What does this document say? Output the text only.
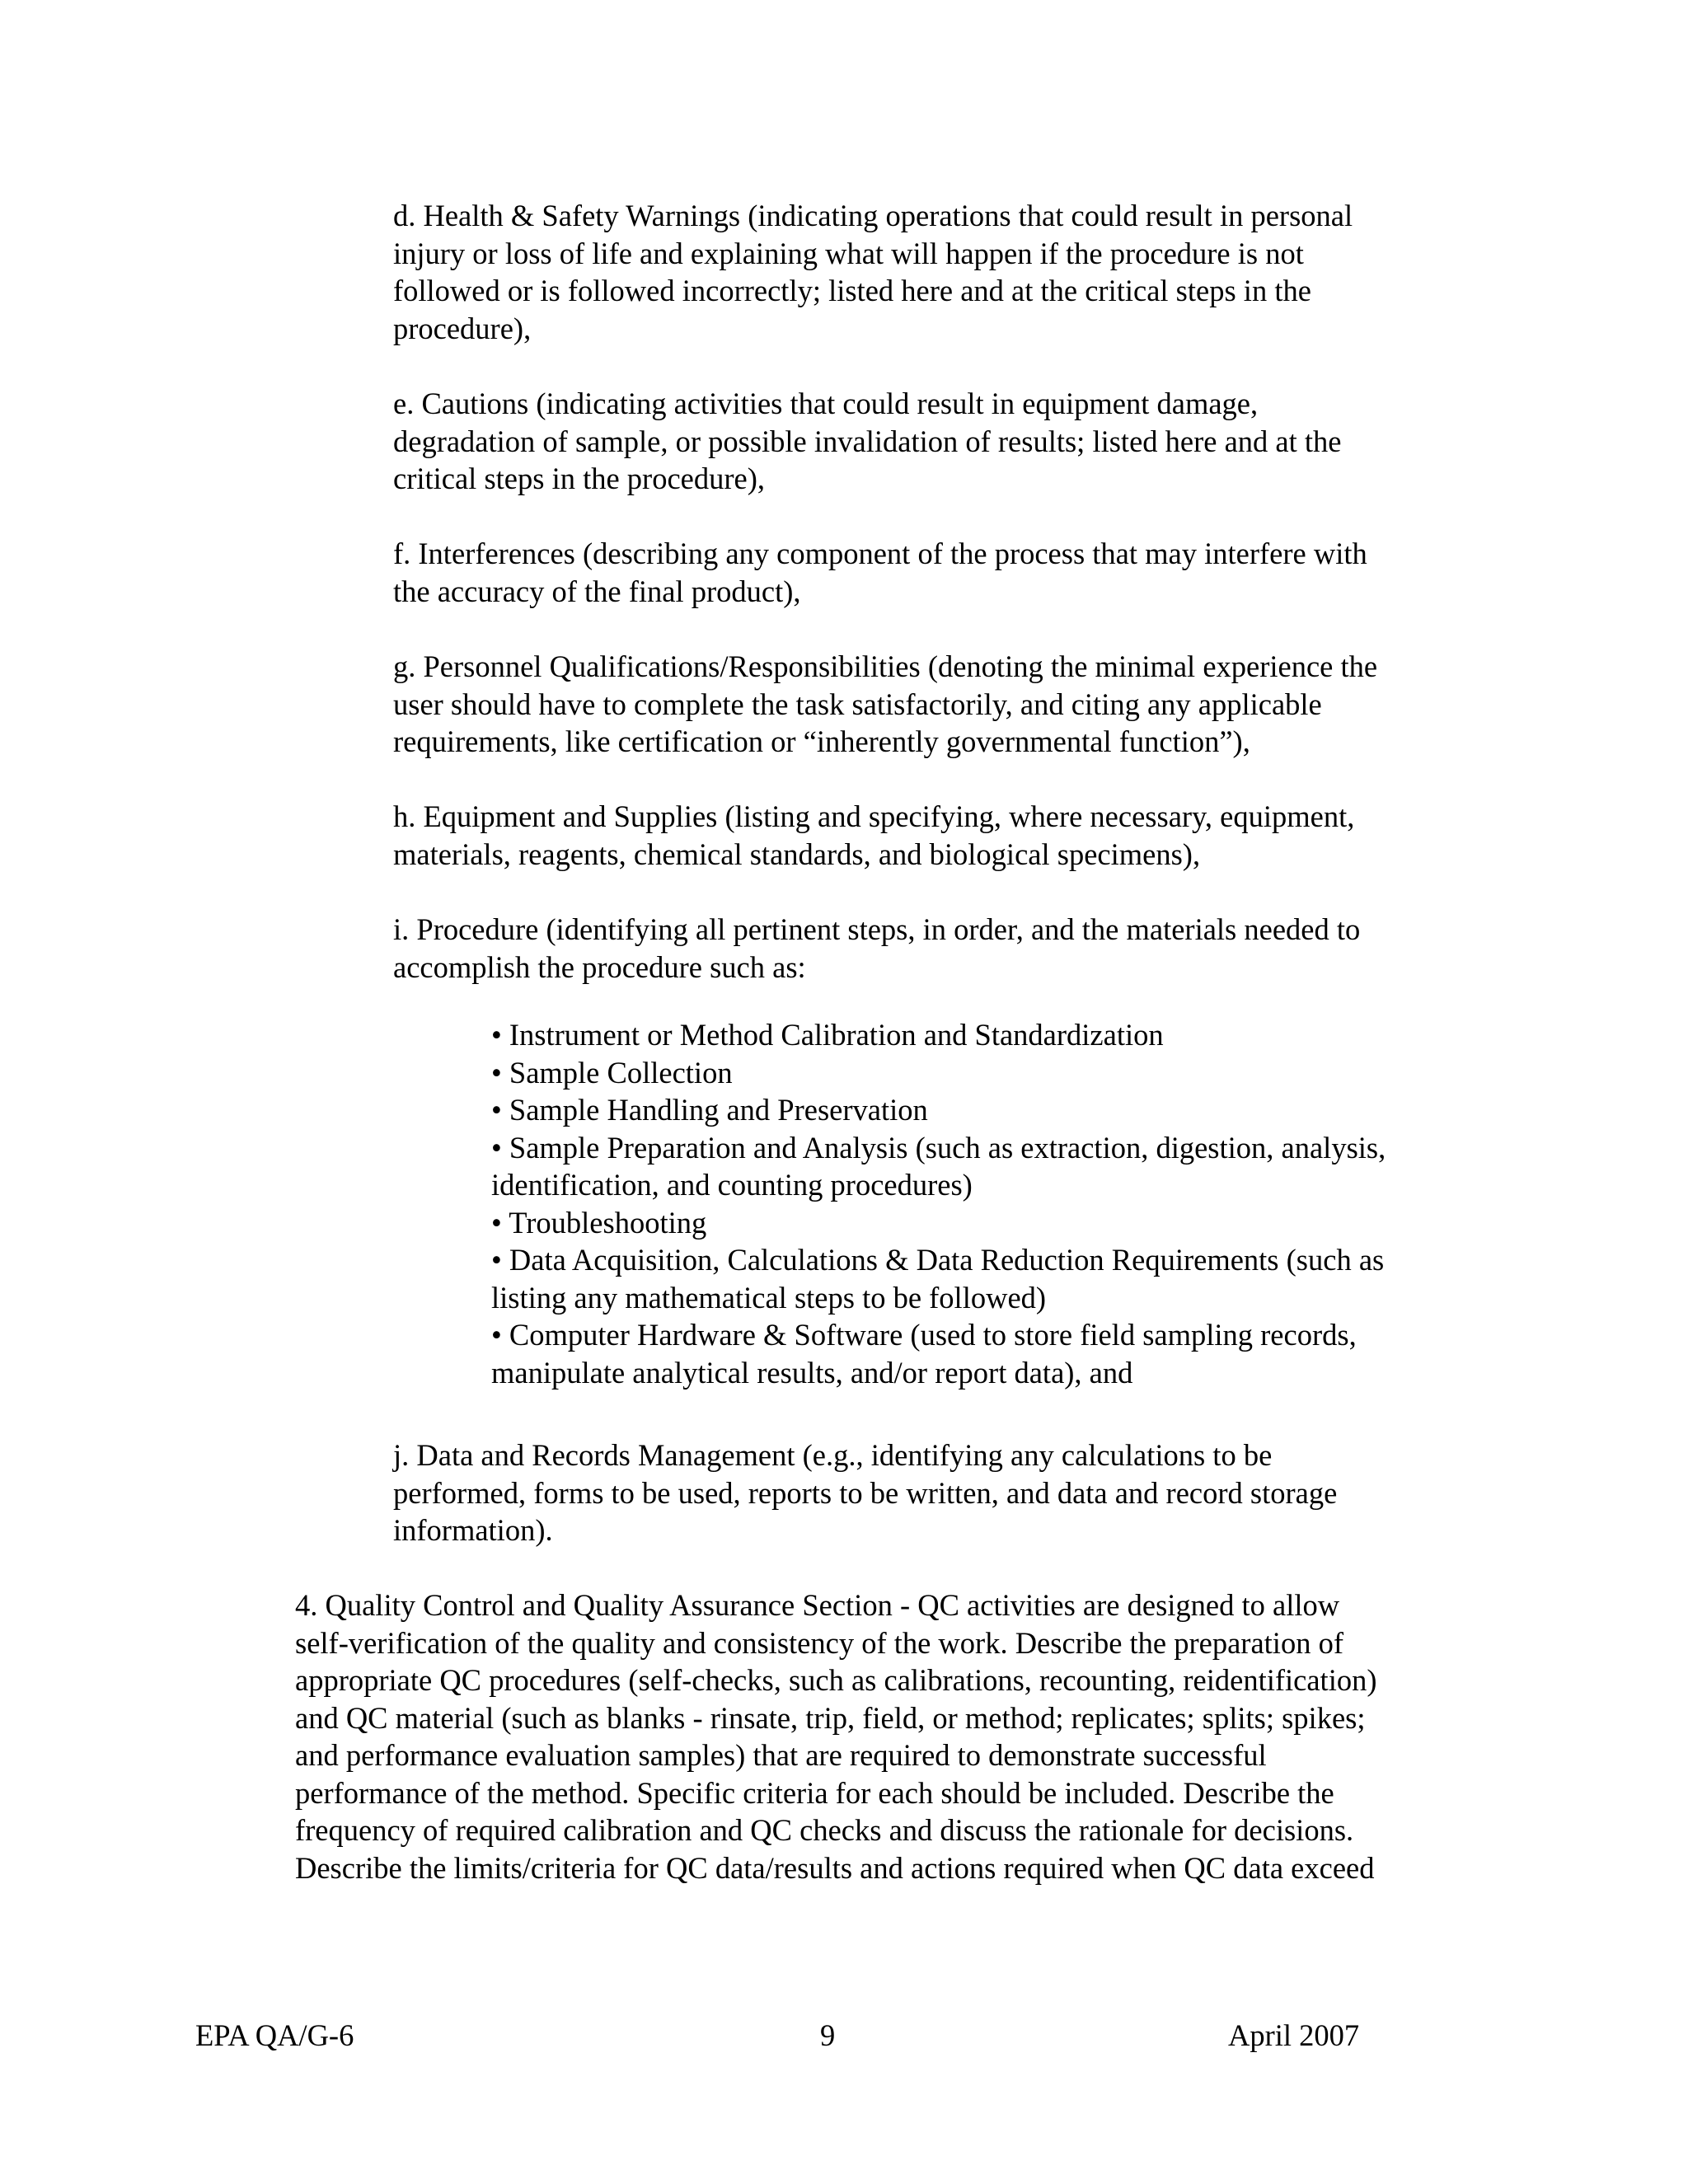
d. Health & Safety Warnings (indicating operations that could result in personal
injury or loss of life and explaining what will happen if the procedure is not
followed or is followed incorrectly; listed here and at the critical steps in the
procedure),

e. Cautions (indicating activities that could result in equipment damage,
degradation of sample, or possible invalidation of results; listed here and at the
critical steps in the procedure),

f. Interferences (describing any component of the process that may interfere with
the accuracy of the final product),

g. Personnel Qualifications/Responsibilities (denoting the minimal experience the
user should have to complete the task satisfactorily, and citing any applicable
requirements, like certification or “inherently governmental function”),

h. Equipment and Supplies (listing and specifying, where necessary, equipment,
materials, reagents, chemical standards, and biological specimens),

i. Procedure (identifying all pertinent steps, in order, and the materials needed to
accomplish the procedure such as:

• Instrument or Method Calibration and Standardization
• Sample Collection
• Sample Handling and Preservation
• Sample Preparation and Analysis (such as extraction, digestion, analysis,
identification, and counting procedures)
• Troubleshooting
• Data Acquisition, Calculations & Data Reduction Requirements (such as
listing any mathematical steps to be followed)
• Computer Hardware & Software (used to store field sampling records,
manipulate analytical results, and/or report data), and

j. Data and Records Management (e.g., identifying any calculations to be
performed, forms to be used, reports to be written, and data and record storage
information).

4. Quality Control and Quality Assurance Section - QC activities are designed to allow
self-verification of the quality and consistency of the work. Describe the preparation of
appropriate QC procedures (self-checks, such as calibrations, recounting, reidentification)
and QC material (such as blanks - rinsate, trip, field, or method; replicates; splits; spikes;
and performance evaluation samples) that are required to demonstrate successful
performance of the method. Specific criteria for each should be included. Describe the
frequency of required calibration and QC checks and discuss the rationale for decisions.
Describe the limits/criteria for QC data/results and actions required when QC data exceed

EPA QA/G-6	9	April 2007
